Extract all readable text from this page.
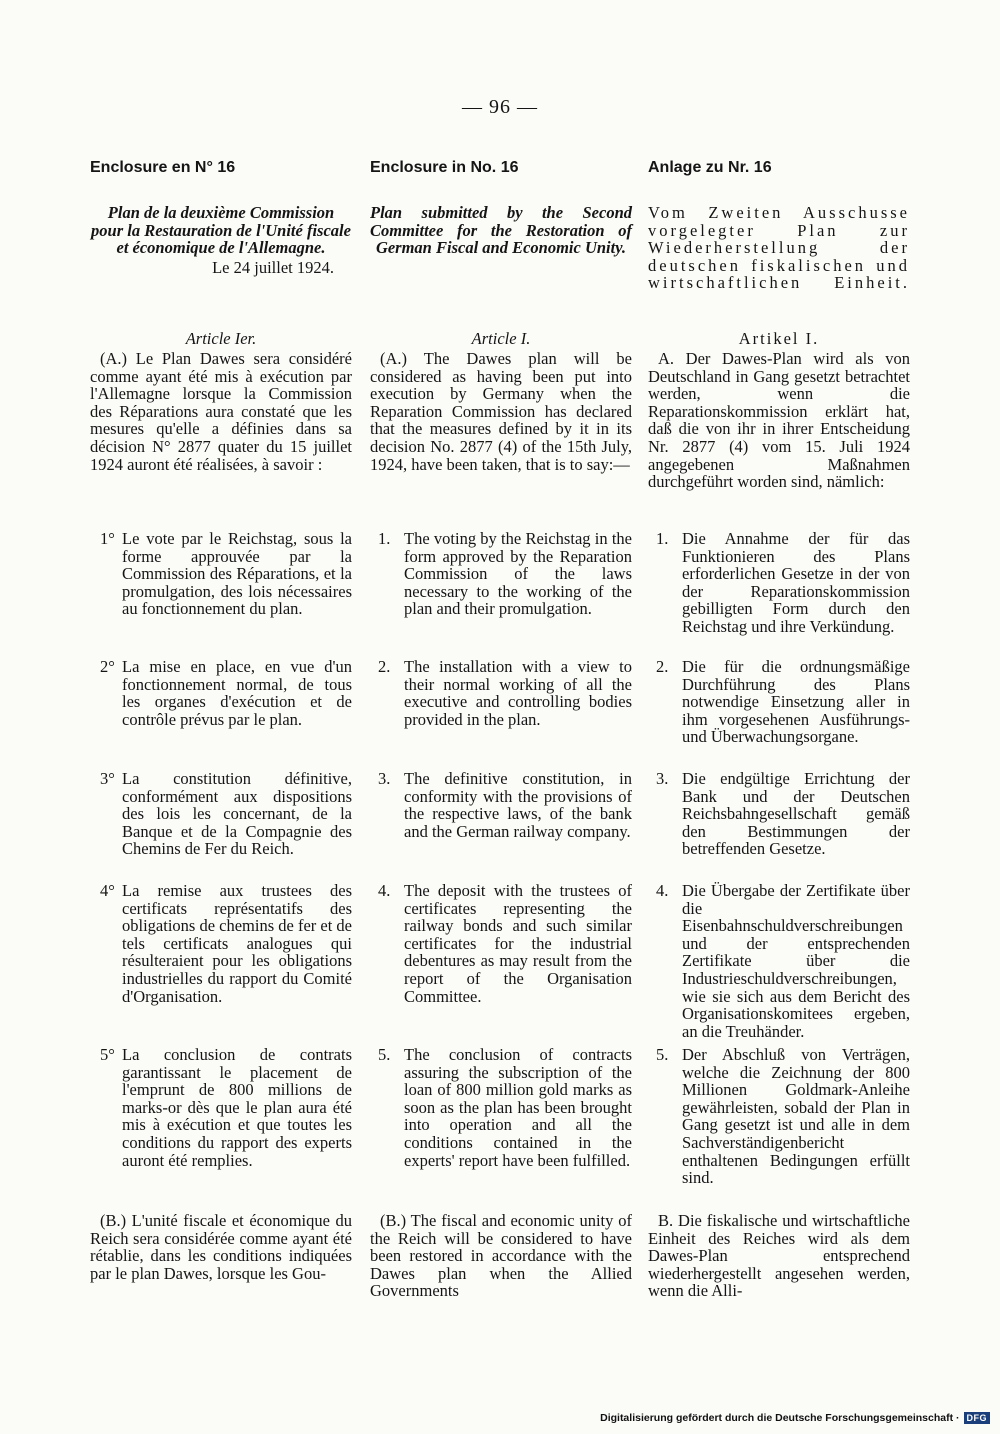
— 96 —
Enclosure en N° 16
Plan de la deuxième Commission pour la Restauration de l'Unité fiscale et économique de l'Allemagne.
Le 24 juillet 1924.
Article Ier.
(A.) Le Plan Dawes sera considéré comme ayant été mis à exécution par l'Allemagne lorsque la Commission des Réparations aura constaté que les mesures qu'elle a définies dans sa décision N° 2877 quater du 15 juillet 1924 auront été réalisées, à savoir :
1° Le vote par le Reichstag, sous la forme approuvée par la Commission des Réparations, et la promulgation, des lois nécessaires au fonctionnement du plan.
2° La mise en place, en vue d'un fonctionnement normal, de tous les organes d'exécution et de contrôle prévus par le plan.
3° La constitution définitive, conformément aux dispositions des lois les concernant, de la Banque et de la Compagnie des Chemins de Fer du Reich.
4° La remise aux trustees des certificats représentatifs des obligations de chemins de fer et de tels certificats analogues qui résulteraient pour les obligations industrielles du rapport du Comité d'Organisation.
5° La conclusion de contrats garantissant le placement de l'emprunt de 800 millions de marks-or dès que le plan aura été mis à exécution et que toutes les conditions du rapport des experts auront été remplies.
(B.) L'unité fiscale et économique du Reich sera considérée comme ayant été rétablie, dans les conditions indiquées par le plan Dawes, lorsque les Gou-
Enclosure in No. 16
Plan submitted by the Second Committee for the Restoration of German Fiscal and Economic Unity.
Article I.
(A.) The Dawes plan will be considered as having been put into execution by Germany when the Reparation Commission has declared that the measures defined by it in its decision No. 2877 (4) of the 15th July, 1924, have been taken, that is to say:—
1. The voting by the Reichstag in the form approved by the Reparation Commission of the laws necessary to the working of the plan and their promulgation.
2. The installation with a view to their normal working of all the executive and controlling bodies provided in the plan.
3. The definitive constitution, in conformity with the provisions of the respective laws, of the bank and the German railway company.
4. The deposit with the trustees of certificates representing the railway bonds and such similar certificates for the industrial debentures as may result from the report of the Organisation Committee.
5. The conclusion of contracts assuring the subscription of the loan of 800 million gold marks as soon as the plan has been brought into operation and all the conditions contained in the experts' report have been fulfilled.
(B.) The fiscal and economic unity of the Reich will be considered to have been restored in accordance with the Dawes plan when the Allied Governments
Anlage zu Nr. 16
Vom Zweiten Ausschusse vorgelegter Plan zur Wiederherstellung der deutschen fiskalischen und wirtschaftlichen Einheit.
Artikel I.
A. Der Dawes-Plan wird als von Deutschland in Gang gesetzt betrachtet werden, wenn die Reparationskommission erklärt hat, daß die von ihr in ihrer Entscheidung Nr. 2877 (4) vom 15. Juli 1924 angegebenen Maßnahmen durchgeführt worden sind, nämlich:
1. Die Annahme der für das Funktionieren des Plans erforderlichen Gesetze in der von der Reparationskommission gebilligten Form durch den Reichstag und ihre Verkündung.
2. Die für die ordnungsmäßige Durchführung des Plans notwendige Einsetzung aller in ihm vorgesehenen Ausführungs- und Überwachungsorgane.
3. Die endgültige Errichtung der Bank und der Deutschen Reichsbahngesellschaft gemäß den Bestimmungen der betreffenden Gesetze.
4. Die Übergabe der Zertifikate über die Eisenbahnschuldverschreibungen und der entsprechenden Zertifikate über die Industrieschuldverschreibungen, wie sie sich aus dem Bericht des Organisationskomitees ergeben, an die Treuhänder.
5. Der Abschluß von Verträgen, welche die Zeichnung der 800 Millionen Goldmark-Anleihe gewährleisten, sobald der Plan in Gang gesetzt ist und alle in dem Sachverständigenbericht enthaltenen Bedingungen erfüllt sind.
B. Die fiskalische und wirtschaftliche Einheit des Reiches wird als dem Dawes-Plan entsprechend wiederhergestellt angesehen werden, wenn die Alli-
Digitalisierung gefördert durch die Deutsche Forschungsgemeinschaft · DFG
